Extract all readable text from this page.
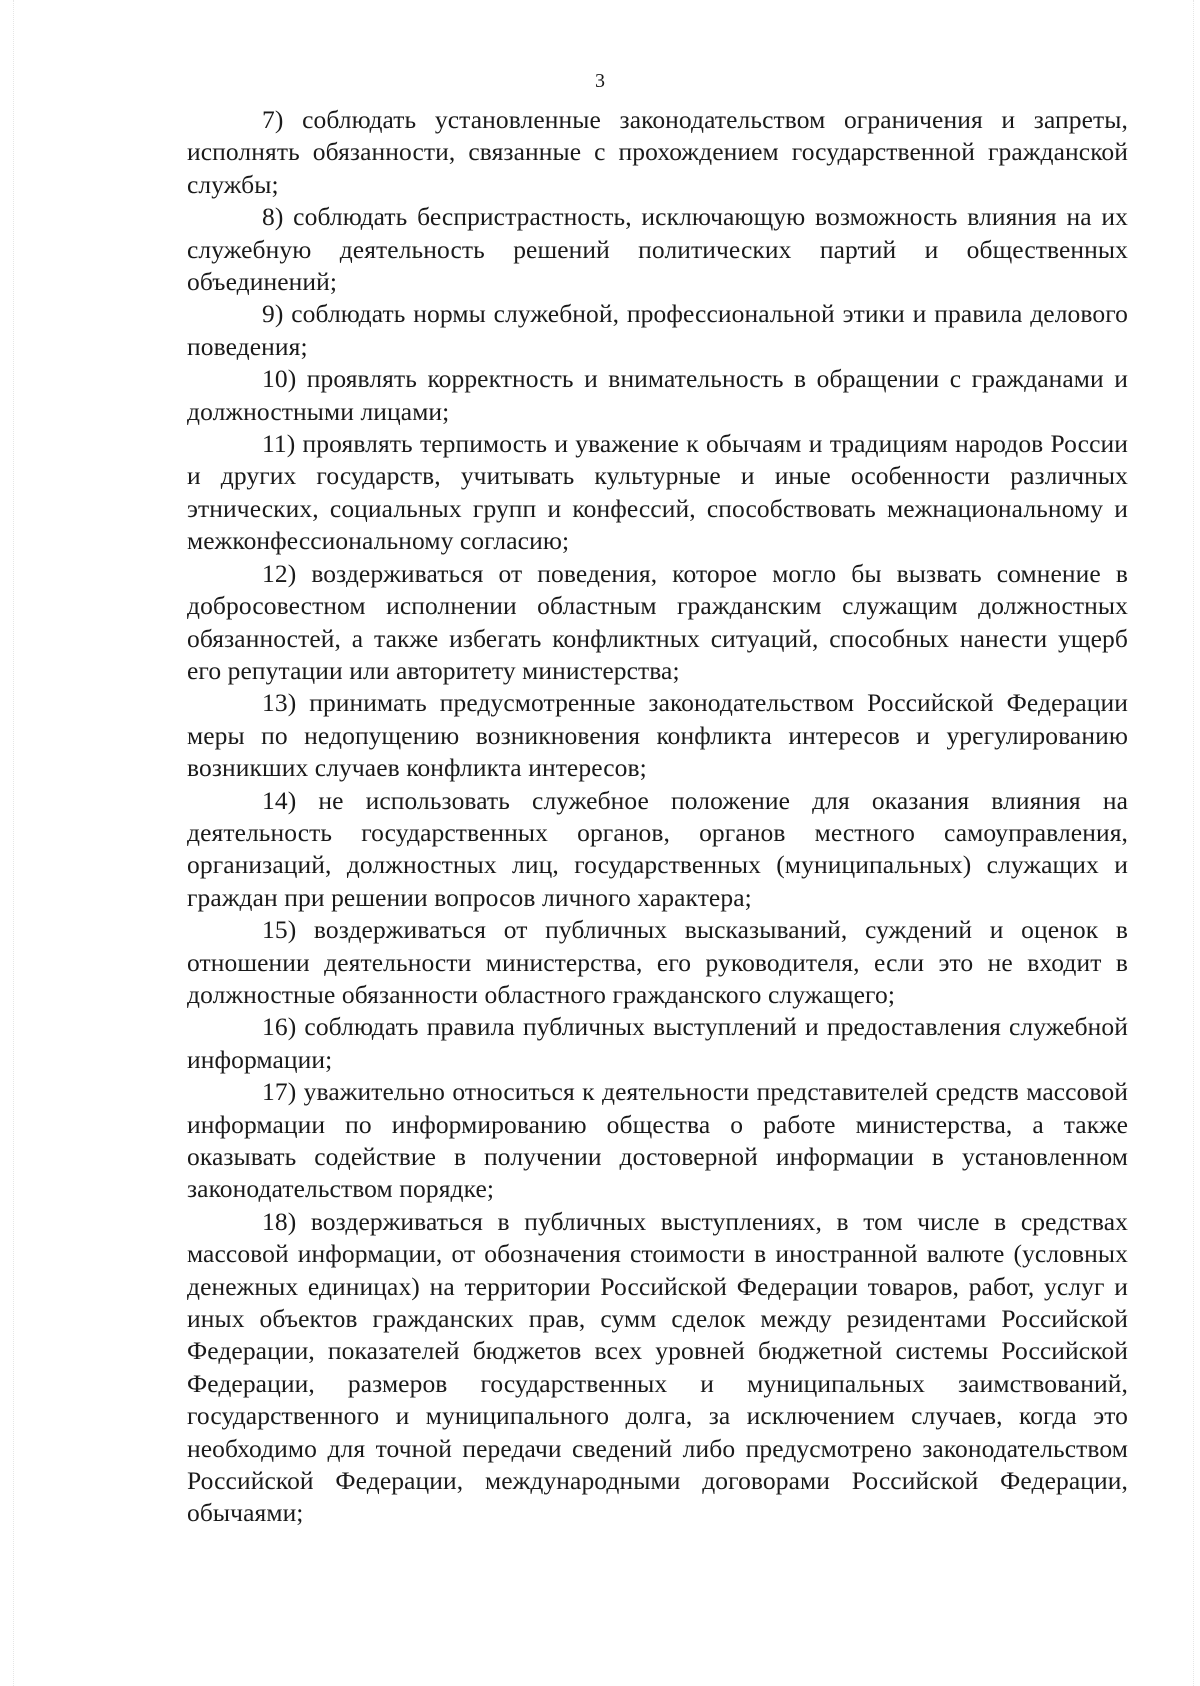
3

7) соблюдать установленные законодательством ограничения и запреты, исполнять обязанности, связанные с прохождением государственной гражданской службы;

8) соблюдать беспристрастность, исключающую возможность влияния на их служебную деятельность решений политических партий и общественных объединений;

9) соблюдать нормы служебной, профессиональной этики и правила делового поведения;

10) проявлять корректность и внимательность в обращении с гражданами и должностными лицами;

11) проявлять терпимость и уважение к обычаям и традициям народов России и других государств, учитывать культурные и иные особенности различных этнических, социальных групп и конфессий, способствовать межнациональному и межконфессиональному согласию;

12) воздерживаться от поведения, которое могло бы вызвать сомнение в добросовестном исполнении областным гражданским служащим должностных обязанностей, а также избегать конфликтных ситуаций, способных нанести ущерб его репутации или авторитету министерства;

13) принимать предусмотренные законодательством Российской Федерации меры по недопущению возникновения конфликта интересов и урегулированию возникших случаев конфликта интересов;

14) не использовать служебное положение для оказания влияния на деятельность государственных органов, органов местного самоуправления, организаций, должностных лиц, государственных (муниципальных) служащих и граждан при решении вопросов личного характера;

15) воздерживаться от публичных высказываний, суждений и оценок в отношении деятельности министерства, его руководителя, если это не входит в должностные обязанности областного гражданского служащего;

16) соблюдать правила публичных выступлений и предоставления служебной информации;

17) уважительно относиться к деятельности представителей средств массовой информации по информированию общества о работе министерства, а также оказывать содействие в получении достоверной информации в установленном законодательством порядке;

18) воздерживаться в публичных выступлениях, в том числе в средствах массовой информации, от обозначения стоимости в иностранной валюте (условных денежных единицах) на территории Российской Федерации товаров, работ, услуг и иных объектов гражданских прав, сумм сделок между резидентами Российской Федерации, показателей бюджетов всех уровней бюджетной системы Российской Федерации, размеров государственных и муниципальных заимствований, государственного и муниципального долга, за исключением случаев, когда это необходимо для точной передачи сведений либо предусмотрено законодательством Российской Федерации, международными договорами Российской Федерации, обычаями;
